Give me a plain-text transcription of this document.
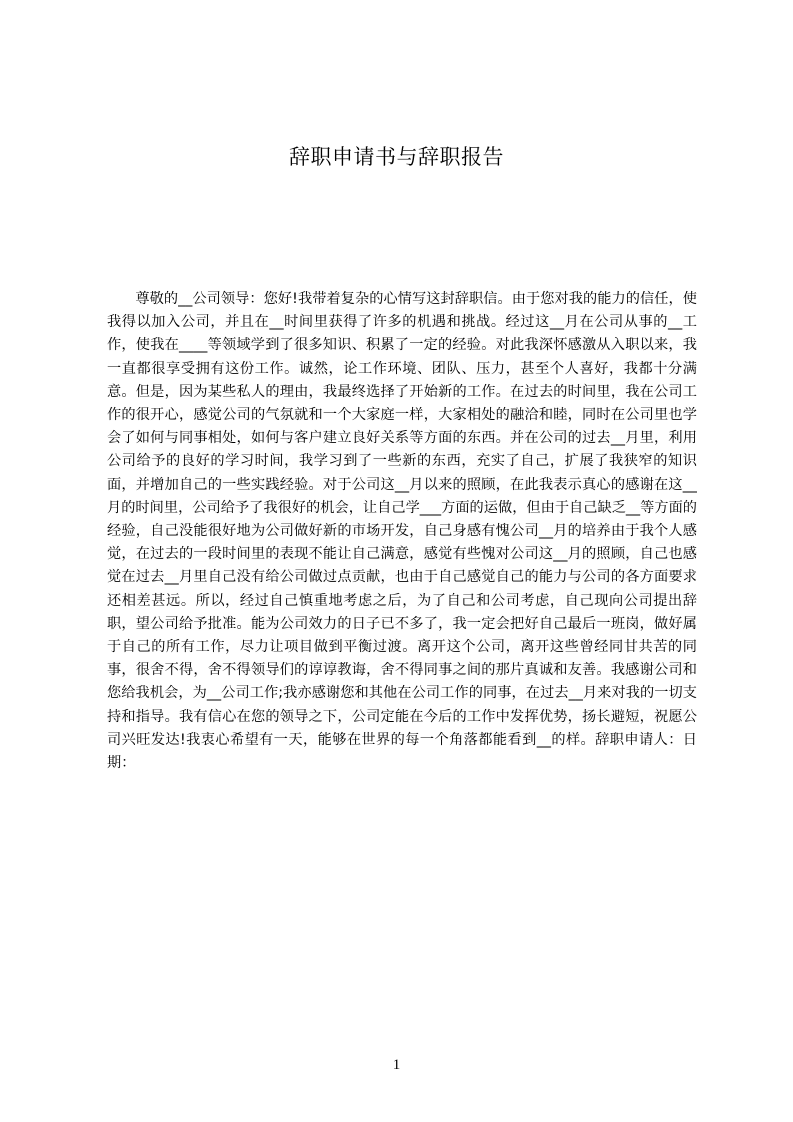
辞职申请书与辞职报告

尊敬的__公司领导：您好!我带着复杂的心情写这封辞职信。由于您对我的能力的信任，使我得以加入公司，并且在__时间里获得了许多的机遇和挑战。经过这__月在公司从事的__工作，使我在____等领域学到了很多知识、积累了一定的经验。对此我深怀感激从入职以来，我一直都很享受拥有这份工作。诚然，论工作环境、团队、压力，甚至个人喜好，我都十分满意。但是，因为某些私人的理由，我最终选择了开始新的工作。在过去的时间里，我在公司工作的很开心，感觉公司的气氛就和一个大家庭一样，大家相处的融洽和睦，同时在公司里也学会了如何与同事相处，如何与客户建立良好关系等方面的东西。并在公司的过去__月里，利用公司给予的良好的学习时间，我学习到了一些新的东西，充实了自己，扩展了我狭窄的知识面，并增加自己的一些实践经验。对于公司这__月以来的照顾，在此我表示真心的感谢在这__月的时间里，公司给予了我很好的机会，让自己学___方面的运做，但由于自己缺乏__等方面的经验，自己没能很好地为公司做好新的市场开发，自己身感有愧公司__月的培养由于我个人感觉，在过去的一段时间里的表现不能让自己满意，感觉有些愧对公司这__月的照顾，自己也感觉在过去__月里自己没有给公司做过点贡献，也由于自己感觉自己的能力与公司的各方面要求还相差甚远。所以，经过自己慎重地考虑之后，为了自己和公司考虑，自己现向公司提出辞职，望公司给予批准。能为公司效力的日子已不多了，我一定会把好自己最后一班岗，做好属于自己的所有工作，尽力让项目做到平衡过渡。离开这个公司，离开这些曾经同甘共苦的同事，很舍不得，舍不得领导们的谆谆教诲，舍不得同事之间的那片真诚和友善。我感谢公司和您给我机会，为__公司工作;我亦感谢您和其他在公司工作的同事，在过去__月来对我的一切支持和指导。我有信心在您的领导之下，公司定能在今后的工作中发挥优势，扬长避短，祝愿公司兴旺发达!我衷心希望有一天，能够在世界的每一个角落都能看到__的样。辞职申请人：日期：

1
